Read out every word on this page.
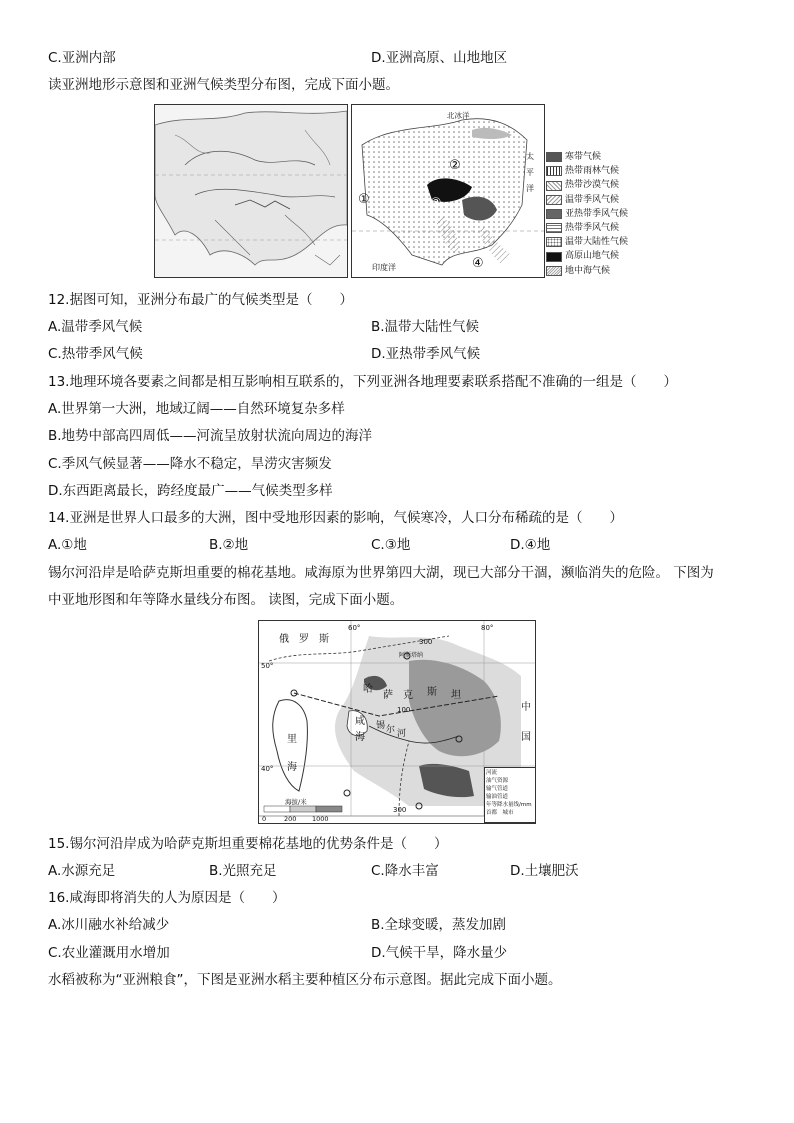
C.亚洲内部	D.亚洲高原、山地地区
读亚洲地形示意图和亚洲气候类型分布图，完成下面小题。
北冰洋
②
①	③
④
太平洋
印度洋
寒带气候
热带雨林气候
热带沙漠气候
温带季风气候
亚热带季风气候
热带季风气候
温带大陆性气候
高原山地气候
地中海气候
12.据图可知，亚洲分布最广的气候类型是（　　）
A.温带季风气候	B.温带大陆性气候
C.热带季风气候	D.亚热带季风气候
13.地理环境各要素之间都是相互影响相互联系的，下列亚洲各地理要素联系搭配不准确的一组是（　　）
A.世界第一大洲，地域辽阔——自然环境复杂多样
B.地势中部高四周低——河流呈放射状流向周边的海洋
C.季风气候显著——降水不稳定，旱涝灾害频发
D.东西距离最长，跨经度最广——气候类型多样
14.亚洲是世界人口最多的大洲，图中受地形因素的影响，气候寒冷，人口分布稀疏的是（　　）
A.①地	B.②地	C.③地	D.④地
锡尔河沿岸是哈萨克斯坦重要的棉花基地。咸海原为世界第四大湖，现已大部分干涸，濒临消失的危险。 下图为
中亚地形图和年等降水量线分布图。 读图，完成下面小题。
俄　罗　斯
哈
萨 克 斯 坦
中
国
里
海
咸
海
锡 尔 河
60°	80°
50°
40°
300
100
300
阿斯塔纳
海拔/米
0	200 1000
河流
油气资源
输气管道
输油管道
年等降水量线/mm
首都　城市
15.锡尔河沿岸成为哈萨克斯坦重要棉花基地的优势条件是（　　）
A.水源充足	B.光照充足	C.降水丰富	D.土壤肥沃
16.咸海即将消失的人为原因是（　　）
A.冰川融水补给减少	B.全球变暖，蒸发加剧
C.农业灌溉用水增加	D.气候干旱，降水量少
水稻被称为“亚洲粮食”，下图是亚洲水稻主要种植区分布示意图。据此完成下面小题。
